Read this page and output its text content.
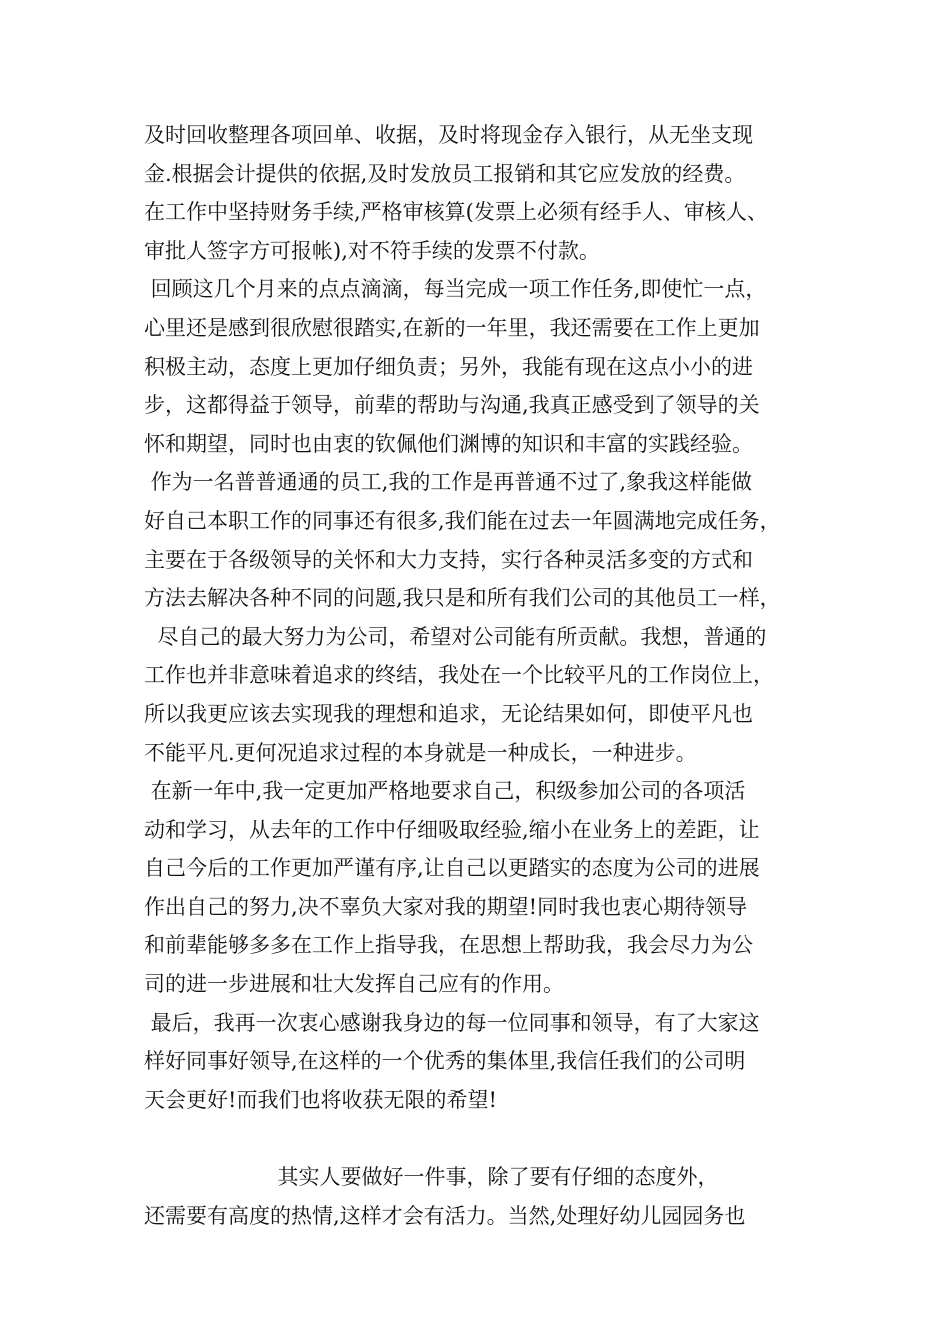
及时回收整理各项回单、收据，及时将现金存入银行，从无坐支现
金.根据会计提供的依据,及时发放员工报销和其它应发放的经费。
在工作中坚持财务手续,严格审核算(发票上必须有经手人、审核人、
审批人签字方可报帐),对不符手续的发票不付款。
回顾这几个月来的点点滴滴，每当完成一项工作任务,即使忙一点，
心里还是感到很欣慰很踏实,在新的一年里，我还需要在工作上更加
积极主动，态度上更加仔细负责；另外，我能有现在这点小小的进
步，这都得益于领导，前辈的帮助与沟通,我真正感受到了领导的关
怀和期望，同时也由衷的钦佩他们渊博的知识和丰富的实践经验。
作为一名普普通通的员工,我的工作是再普通不过了,象我这样能做
好自己本职工作的同事还有很多,我们能在过去一年圆满地完成任务，
主要在于各级领导的关怀和大力支持，实行各种灵活多变的方式和
方法去解决各种不同的问题,我只是和所有我们公司的其他员工一样，
尽自己的最大努力为公司，希望对公司能有所贡献。我想，普通的
工作也并非意味着追求的终结，我处在一个比较平凡的工作岗位上，
所以我更应该去实现我的理想和追求，无论结果如何，即使平凡也
不能平凡.更何况追求过程的本身就是一种成长，一种进步。
在新一年中,我一定更加严格地要求自己，积级参加公司的各项活
动和学习，从去年的工作中仔细吸取经验,缩小在业务上的差距，让
自己今后的工作更加严谨有序,让自己以更踏实的态度为公司的进展
作出自己的努力,决不辜负大家对我的期望!同时我也衷心期待领导
和前辈能够多多在工作上指导我，在思想上帮助我，我会尽力为公
司的进一步进展和壮大发挥自己应有的作用。
最后，我再一次衷心感谢我身边的每一位同事和领导，有了大家这
样好同事好领导,在这样的一个优秀的集体里,我信任我们的公司明
天会更好!而我们也将收获无限的希望!
其实人要做好一件事，除了要有仔细的态度外，
还需要有高度的热情,这样才会有活力。当然,处理好幼儿园园务也
